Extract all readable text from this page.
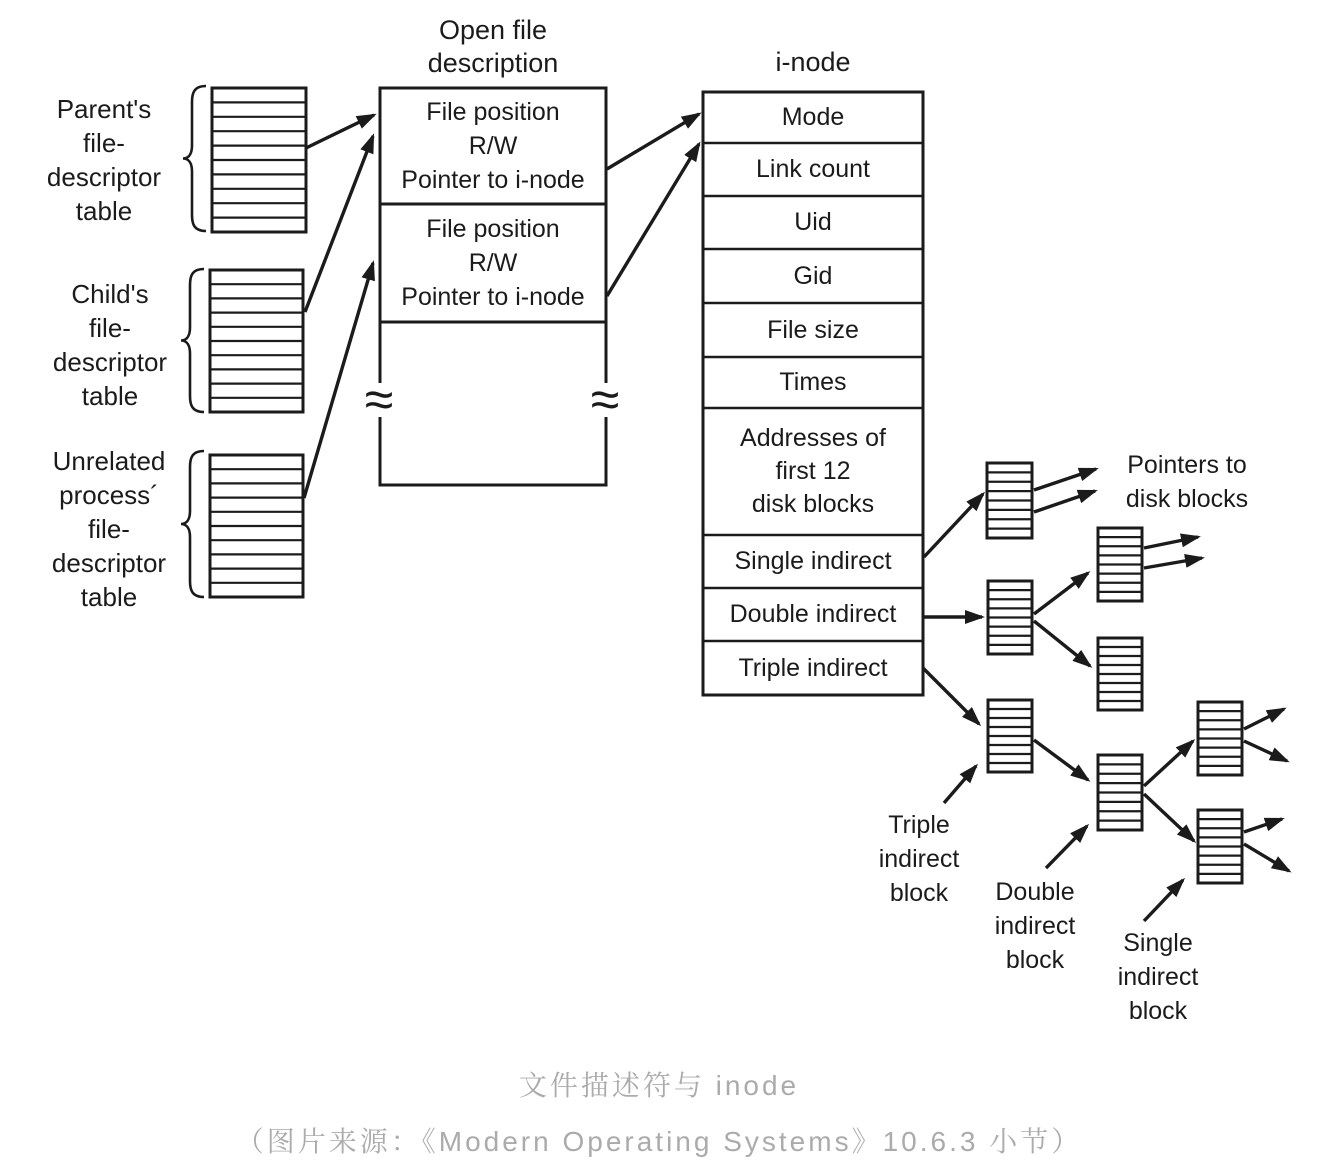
Parent's
file-
descriptor
table
Child's
file-
descriptor
table
Unrelated
process´
file-
descriptor
table
Open file
description	i-node
File position
R/W
Pointer to i-node
File position
R/W
Pointer to i-node
≈	≈
Mode
Link count
Uid
Gid
File size
Times
Addresses of
first 12
disk blocks
Single indirect
Double indirect
Triple indirect
Pointers to
disk blocks
Triple
indirect
block	Double
indirect
block
Single
indirect
block
文件描述符与 inode
（图片来源：《Modern Operating Systems》10.6.3 小节）
